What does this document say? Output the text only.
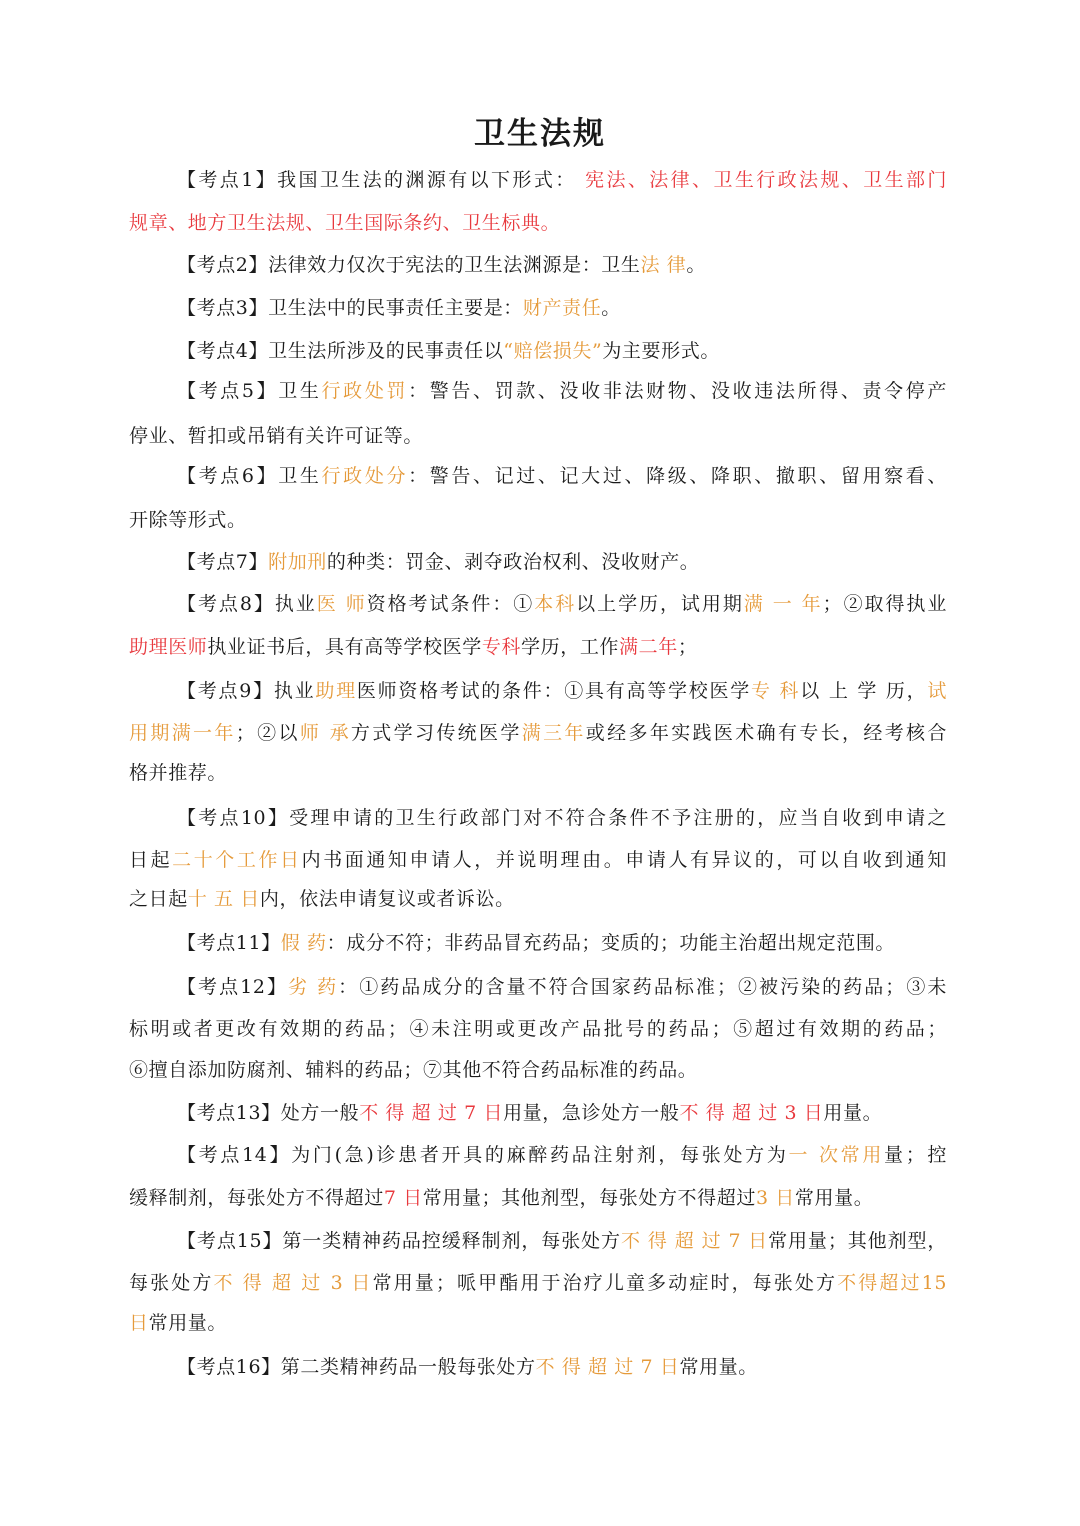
卫生法规
【考点1】我国卫生法的渊源有以下形式： 宪法、法律、卫生行政法规、卫生部门
规章、地方卫生法规、卫生国际条约、卫生标典。
【考点2】法律效力仅次于宪法的卫生法渊源是：卫生法 律。
【考点3】卫生法中的民事责任主要是：财产责任。
【考点4】卫生法所涉及的民事责任以“赔偿损失”为主要形式。
【考点5】卫生行政处罚：警告、罚款、没收非法财物、没收违法所得、责令停产
停业、暂扣或吊销有关许可证等。
【考点6】卫生行政处分：警告、记过、记大过、降级、降职、撤职、留用察看、
开除等形式。
【考点7】附加刑的种类：罚金、剥夺政治权利、没收财产。
【考点8】执业医 师资格考试条件：①本科以上学历，试用期满 一 年；②取得执业
助理医师执业证书后，具有高等学校医学专科学历，工作满二年；
【考点9】执业助理医师资格考试的条件：①具有高等学校医学专 科以 上 学 历，试
用期满一年；②以师 承方式学习传统医学满三年或经多年实践医术确有专长，经考核合
格并推荐。
【考点10】受理申请的卫生行政部门对不符合条件不予注册的，应当自收到申请之
日起二十个工作日内书面通知申请人，并说明理由。申请人有异议的，可以自收到通知
之日起十 五 日内，依法申请复议或者诉讼。
【考点11】假 药：成分不符；非药品冒充药品；变质的；功能主治超出规定范围。
【考点12】劣 药：①药品成分的含量不符合国家药品标准；②被污染的药品；③未
标明或者更改有效期的药品；④未注明或更改产品批号的药品；⑤超过有效期的药品；
⑥擅自添加防腐剂、辅料的药品；⑦其他不符合药品标准的药品。
【考点13】处方一般不 得 超 过 7 日用量，急诊处方一般不 得 超 过 3 日用量。
【考点14】为门(急)诊患者开具的麻醉药品注射剂，每张处方为一 次常用量；控
缓释制剂，每张处方不得超过7 日常用量；其他剂型，每张处方不得超过3 日常用量。
【考点15】第一类精神药品控缓释制剂，每张处方不 得 超 过 7 日常用量；其他剂型，
每张处方不 得 超 过 3 日常用量；哌甲酯用于治疗儿童多动症时，每张处方不得超过15
日常用量。
【考点16】第二类精神药品一般每张处方不 得 超 过 7 日常用量。
